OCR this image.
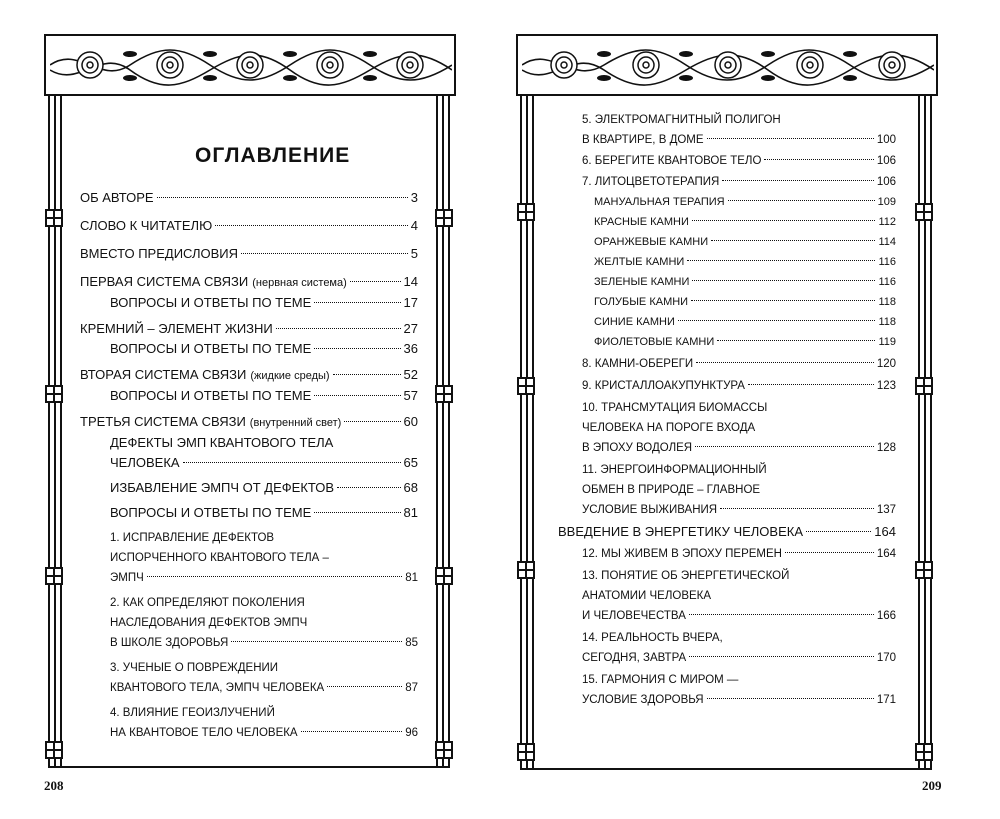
ОГЛАВЛЕНИЕ
ОБ АВТОРЕ	3
СЛОВО К ЧИТАТЕЛЮ	4
ВМЕСТО ПРЕДИСЛОВИЯ	5
ПЕРВАЯ СИСТЕМА СВЯЗИ (нервная система)	14
ВОПРОСЫ И ОТВЕТЫ ПО ТЕМЕ	17
КРЕМНИЙ – ЭЛЕМЕНТ ЖИЗНИ	27
ВОПРОСЫ И ОТВЕТЫ ПО ТЕМЕ	36
ВТОРАЯ СИСТЕМА СВЯЗИ (жидкие среды)	52
ВОПРОСЫ И ОТВЕТЫ ПО ТЕМЕ	57
ТРЕТЬЯ СИСТЕМА СВЯЗИ (внутренний свет)	60
ДЕФЕКТЫ ЭМП КВАНТОВОГО ТЕЛА
ЧЕЛОВЕКА	65
ИЗБАВЛЕНИЕ ЭМПЧ ОТ ДЕФЕКТОВ	68
ВОПРОСЫ И ОТВЕТЫ ПО ТЕМЕ	81
1. ИСПРАВЛЕНИЕ ДЕФЕКТОВ
ИСПОРЧЕННОГО КВАНТОВОГО ТЕЛА –
ЭМПЧ	81
2. КАК ОПРЕДЕЛЯЮТ ПОКОЛЕНИЯ
НАСЛЕДОВАНИЯ ДЕФЕКТОВ ЭМПЧ
В ШКОЛЕ ЗДОРОВЬЯ	85
3. УЧЕНЫЕ О ПОВРЕЖДЕНИИ
КВАНТОВОГО ТЕЛА, ЭМПЧ ЧЕЛОВЕКА	87
4. ВЛИЯНИЕ ГЕОИЗЛУЧЕНИЙ
НА КВАНТОВОЕ ТЕЛО ЧЕЛОВЕКА	96
208
5. ЭЛЕКТРОМАГНИТНЫЙ ПОЛИГОН
В КВАРТИРЕ, В ДОМЕ	100
6. БЕРЕГИТЕ КВАНТОВОЕ ТЕЛО	106
7. ЛИТОЦВЕТОТЕРАПИЯ	106
МАНУАЛЬНАЯ ТЕРАПИЯ	109
КРАСНЫЕ КАМНИ	112
ОРАНЖЕВЫЕ КАМНИ	114
ЖЕЛТЫЕ КАМНИ	116
ЗЕЛЕНЫЕ КАМНИ	116
ГОЛУБЫЕ КАМНИ	118
СИНИЕ КАМНИ	118
ФИОЛЕТОВЫЕ КАМНИ	119
8. КАМНИ-ОБЕРЕГИ	120
9. КРИСТАЛЛОАКУПУНКТУРА	123
10. ТРАНСМУТАЦИЯ БИОМАССЫ
ЧЕЛОВЕКА НА ПОРОГЕ ВХОДА
В ЭПОХУ ВОДОЛЕЯ	128
11. ЭНЕРГОИНФОРМАЦИОННЫЙ
ОБМЕН В ПРИРОДЕ – ГЛАВНОЕ
УСЛОВИЕ ВЫЖИВАНИЯ	137
ВВЕДЕНИЕ В ЭНЕРГЕТИКУ ЧЕЛОВЕКА	164
12. МЫ ЖИВЕМ В ЭПОХУ ПЕРЕМЕН	164
13. ПОНЯТИЕ ОБ ЭНЕРГЕТИЧЕСКОЙ
АНАТОМИИ ЧЕЛОВЕКА
И ЧЕЛОВЕЧЕСТВА	166
14. РЕАЛЬНОСТЬ ВЧЕРА,
СЕГОДНЯ, ЗАВТРА	170
15. ГАРМОНИЯ С МИРОМ —
УСЛОВИЕ ЗДОРОВЬЯ	171
209
